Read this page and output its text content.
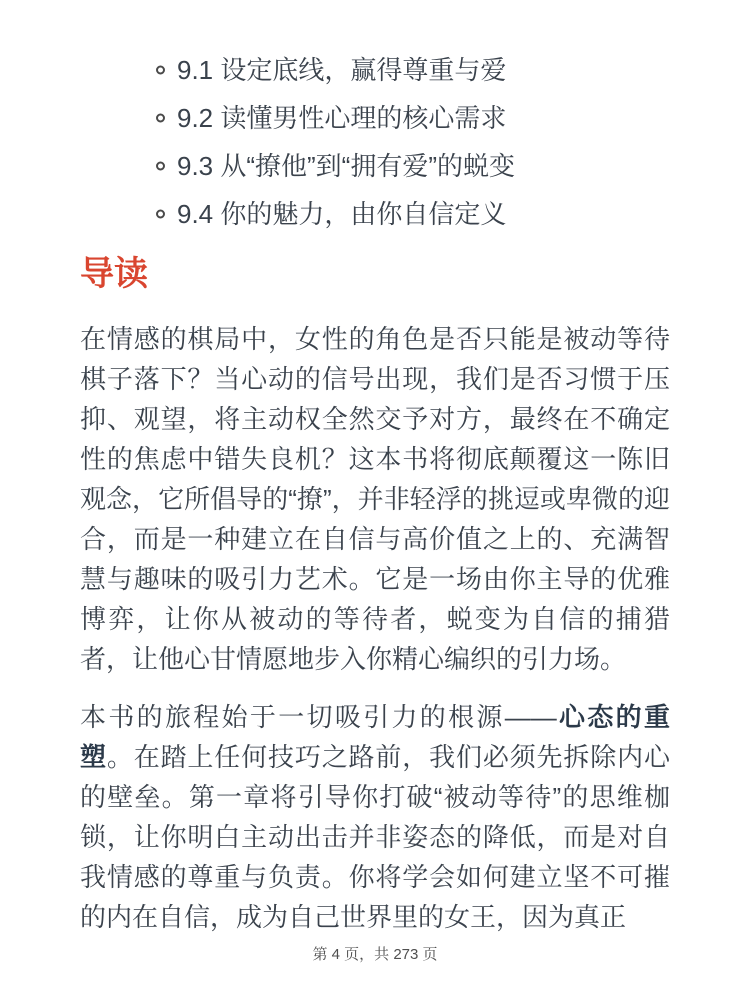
9.1 设定底线，赢得尊重与爱
9.2 读懂男性心理的核心需求
9.3 从“撩他”到“拥有爱”的蜕变
9.4 你的魅力，由你自信定义
导读

在情感的棋局中，女性的角色是否只能是被动等待棋子落下？当心动的信号出现，我们是否习惯于压抑、观望，将主动权全然交予对方，最终在不确定性的焦虑中错失良机？这本书将彻底颠覆这一陈旧观念，它所倡导的“撩”，并非轻浮的挑逗或卑微的迎合，而是一种建立在自信与高价值之上的、充满智慧与趣味的吸引力艺术。它是一场由你主导的优雅博弈，让你从被动的等待者，蜕变为自信的捕猎者，让他心甘情愿地步入你精心编织的引力场。

本书的旅程始于一切吸引力的根源——心态的重塑。在踏上任何技巧之路前，我们必须先拆除内心的壁垒。第一章将引导你打破“被动等待”的思维枷锁，让你明白主动出击并非姿态的降低，而是对自我情感的尊重与负责。你将学会如何建立坚不可摧的内在自信，成为自己世界里的女王，因为真正

第 4 页，共 273 页
